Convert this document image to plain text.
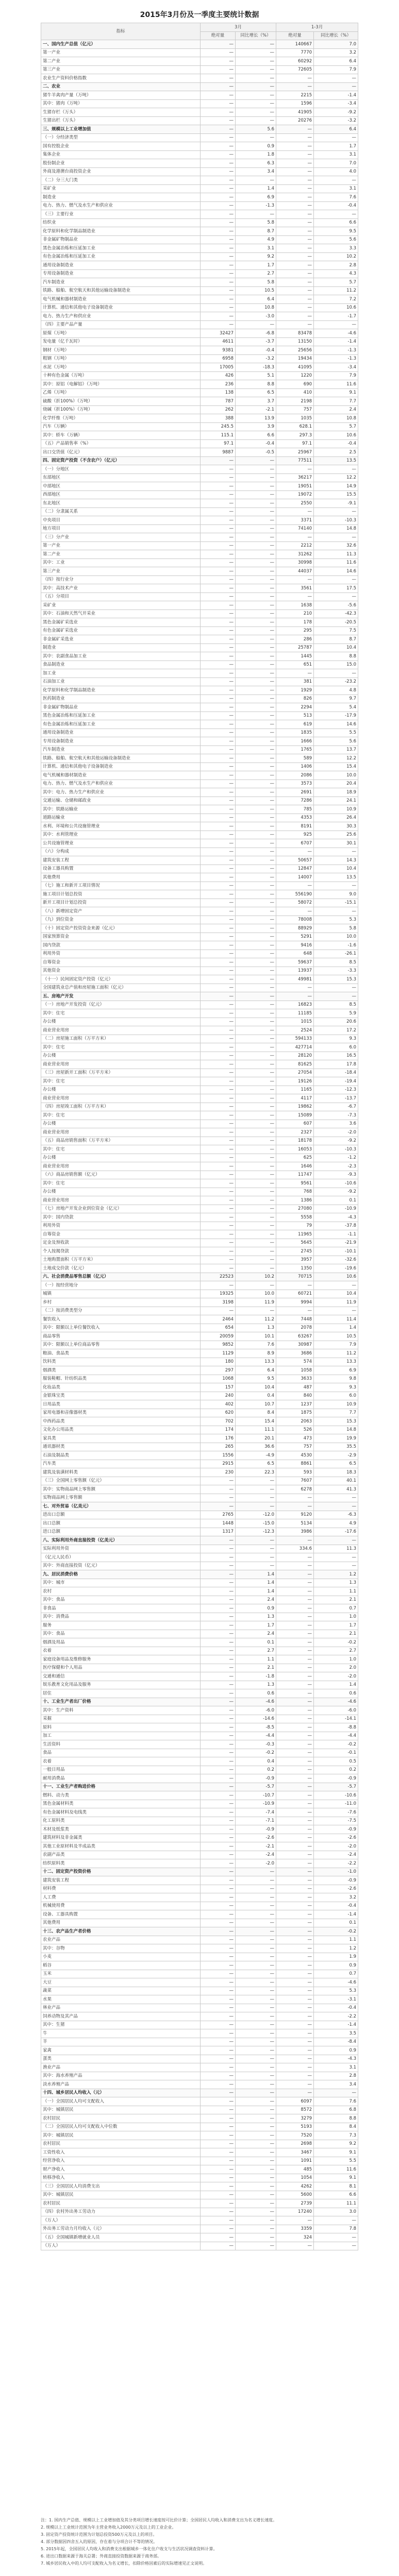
2015年3月份及一季度主要统计数据
指标	3月		1-3月	
	绝对量	同比增长（%）	绝对量	同比增长（%）
一、国内生产总值（亿元）	—	—	140667	7.0
第一产业	—	—	7770	3.2
第二产业	—	—	60292	6.4
第三产业	—	—	72605	7.9
农业生产资料价格指数	—	—	—	—
二、农业	—	—	—	—
猪牛羊禽肉产量（万吨）	—	—	2215	-1.4
其中：猪肉（万吨）	—	—	1596	-3.4
生猪存栏（万头）	—	—	41905	-9.2
生猪出栏（万头）	—	—	20276	-3.2
三、规模以上工业增加值	—	5.6	—	6.4
（一）分经济类型	—	—	—	—
国有控股企业	—	0.9	—	1.7
集体企业	—	1.8	—	3.1
股份制企业	—	6.3	—	7.0
外商及港澳台商投资企业	—	3.4	—	4.0
（二）分三大门类	—	—	—	—
采矿业	—	1.4	—	3.1
制造业	—	6.9	—	7.6
电力、热力、燃气及水生产和供应业	—	-1.3	—	-0.4
（三）主要行业	—	—	—	—
纺织业	—	5.8	—	6.6
化学原料和化学制品制造业	—	8.7	—	9.5
非金属矿物制品业	—	4.9	—	5.6
黑色金属冶炼和压延加工业	—	3.1	—	3.3
有色金属冶炼和压延加工业	—	9.2	—	10.2
通用设备制造业	—	1.7	—	2.8
专用设备制造业	—	2.7	—	4.3
汽车制造业	—	5.8	—	5.7
铁路、船舶、航空航天和其他运输设备制造业	—	10.5	—	11.2
电气机械和器材制造业	—	6.4	—	7.2
计算机、通信和其他电子设备制造业	—	10.8	—	10.6
电力、热力生产和供应业	—	-3.0	—	-1.7
（四）主要产品产量	—	—	—	—
原煤（万吨）	32427	-6.8	83478	-4.6
发电量（亿千瓦时）	4611	-3.7	13150	-1.4
钢材（万吨）	9381	-0.4	25656	-1.3
粗钢（万吨）	6958	-3.2	19434	-1.3
水泥（万吨）	17005	-18.3	41095	-3.4
十种有色金属（万吨）	426	5.1	1220	7.9
其中：原铝（电解铝）（万吨）	236	8.8	690	11.6
乙烯（万吨）	138	6.5	410	9.1
硫酸（折100%）（万吨）	787	3.7	2198	7.7
烧碱（折100%）（万吨）	262	-2.1	757	2.4
化学纤维（万吨）	388	13.9	1035	10.8
汽车（万辆）	245.5	3.9	628.1	5.7
其中：轿车（万辆）	115.1	6.6	297.3	10.6
（五）产品销售率（%）	97.1	-0.4	97.1	-0.4
出口交货值（亿元）	9887	-0.5	25967	2.5
四、固定资产投资（不含农户）（亿元）	—	—	77511	13.5
（一）分地区	—	—	—	—
东部地区	—	—	36217	12.2
中部地区	—	—	19051	14.9
西部地区	—	—	19072	15.5
东北地区	—	—	2550	-9.1
（二）分隶属关系	—	—	—	—
中央项目	—	—	3371	-10.3
地方项目	—	—	74140	14.8
（三）分产业	—	—	—	—
第一产业	—	—	2212	32.6
第二产业	—	—	31262	11.3
其中：工业	—	—	30998	11.6
第三产业	—	—	44037	14.6
（四）按行业分	—	—	—	—
其中：高技术产业	—	—	3561	17.5
（五）分项目	—	—	—	—
采矿业	—	—	1638	-5.6
其中：石油和天然气开采业	—	—	210	-42.3
黑色金属矿采选业	—	—	178	-20.5
有色金属矿采选业	—	—	295	7.5
非金属矿采选业	—	—	286	8.7
制造业	—	—	25787	10.4
其中：农副食品加工业	—	—	1445	8.8
食品制造业	—	—	651	15.0
加工业	—	—	—	—
石油加工业	—	—	381	-23.2
化学原料和化学制品制造业	—	—	1929	4.8
医药制造业	—	—	826	9.7
非金属矿物制品业	—	—	2294	5.4
黑色金属冶炼和压延加工业	—	—	513	-17.9
有色金属冶炼和压延加工业	—	—	619	14.6
通用设备制造业	—	—	1835	5.5
专用设备制造业	—	—	1666	5.6
汽车制造业	—	—	1765	13.7
铁路、船舶、航空航天和其他运输设备制造业	—	—	589	12.2
计算机、通信和其他电子设备制造业	—	—	1406	15.4
电气机械和器材制造业	—	—	2086	10.0
电力、热力、燃气及水生产和供应业	—	—	3573	20.4
其中：电力、热力生产和供应业	—	—	2691	18.9
交通运输、仓储和邮政业	—	—	7286	24.1
其中：铁路运输业	—	—	785	10.9
道路运输业	—	—	4353	26.4
水利、环境和公共设施管理业	—	—	8191	30.3
其中：水利管理业	—	—	925	25.6
公共设施管理业	—	—	6707	30.1
（六）分构成	—	—	—	—
建筑安装工程	—	—	50657	14.3
设备工器具购置	—	—	12847	10.4
其他费用	—	—	14007	13.5
（七）施工和新开工项目情况	—	—	—	—
施工项目计划总投资	—	—	556190	9.0
新开工项目计划总投资	—	—	58072	-15.1
（八）新增固定资产	—	—	—	—
（九）到位资金	—	—	78008	5.3
（十）固定资产投资资金来源（亿元）	—	—	88929	5.8
国家预算资金	—	—	5291	10.0
国内贷款	—	—	9416	-1.6
利用外资	—	—	648	-26.1
自筹资金	—	—	59637	8.5
其他资金	—	—	13937	-3.3
（十一）民间固定资产投资（亿元）	—	—	49981	15.3
全国建筑业总产值和房屋施工面积（亿元）	—	—	—	—
五、房地产开发	—	—	—	—
（一）房地产开发投资（亿元）	—	—	16823	8.5
其中：住宅	—	—	11185	5.9
办公楼	—	—	1015	20.6
商业营业用房	—	—	2524	17.2
（二）房屋施工面积（万平方米）	—	—	594133	9.3
其中：住宅	—	—	427714	6.0
办公楼	—	—	28120	16.5
商业营业用房	—	—	81625	17.8
（三）房屋新开工面积（万平方米）	—	—	27054	-18.4
其中：住宅	—	—	19126	-19.4
办公楼	—	—	1165	-12.3
商业营业用房	—	—	4117	-13.7
（四）房屋竣工面积（万平方米）	—	—	19862	-6.7
其中：住宅	—	—	15089	-7.3
办公楼	—	—	607	3.6
商业营业用房	—	—	2327	-2.0
（五）商品房销售面积（万平方米）	—	—	18178	-9.2
其中：住宅	—	—	16053	-10.3
办公楼	—	—	625	-1.2
商业营业用房	—	—	1646	-2.3
（六）商品房销售额（亿元）	—	—	11747	-9.3
其中：住宅	—	—	9561	-10.6
办公楼	—	—	768	-9.2
商业营业用房	—	—	1386	0.1
（七）房地产开发企业到位资金（亿元）	—	—	27080	-10.9
其中：国内贷款	—	—	5558	-4.3
利用外资	—	—	79	-37.8
自筹资金	—	—	11965	-1.1
定金及预收款	—	—	5645	-21.9
个人按揭贷款	—	—	2745	-10.1
土地购置面积（万平方米）	—	—	3957	-32.6
土地成交价款（亿元）	—	—	1350	-19.6
六、社会消费品零售总额（亿元）	22523	10.2	70715	10.6
（一）按经营地分	—	—	—	—
城镇	19325	10.0	60721	10.4
乡村	3198	11.9	9994	11.9
（二）按消费类型分	—	—	—	—
餐饮收入	2464	11.2	7448	11.4
其中：限额以上单位餐饮收入	654	1.3	2078	1.4
商品零售	20059	10.1	63267	10.5
其中：限额以上单位商品零售	9852	7.6	30987	7.9
粮油、食品类	1129	8.9	3686	11.2
饮料类	180	13.3	574	13.3
烟酒类	297	6.4	1058	6.9
服装鞋帽、针纺织品类	1068	9.5	3633	9.8
化妆品类	157	10.4	487	9.3
金银珠宝类	240	0.4	840	6.0
日用品类	402	10.7	1237	10.9
家用电器和音像器材类	620	8.4	1875	7.7
中西药品类	702	15.4	2063	15.3
文化办公用品类	174	11.1	526	14.8
家具类	176	20.1	473	19.9
通讯器材类	265	36.6	757	35.5
石油及制品类	1556	-4.9	4530	-2.9
汽车类	2915	6.5	8861	6.5
建筑及装潢材料类	230	22.3	593	18.3
（三）全国网上零售额（亿元）	—	—	7607	40.1
其中：实物商品网上零售额	—	—	6278	41.3
实物商品网上零售额	—	—	—	—
七、对外贸易（亿美元）	—	—	—	—
进出口总额	2765	-12.0	9120	-6.3
出口总额	1448	-15.0	5134	4.9
进口总额	1317	-12.3	3986	-17.6
八、实际利用外商直接投资（亿美元）	—	—	—	—
实际利用外资	—	—	334.6	11.3
（亿元人民币）	—	—	—	—
其中：外商直接投资（亿元）	—	—	—	—
九、居民消费价格	—	1.4	—	1.2
其中：城市	—	1.4	—	1.3
农村	—	1.4	—	1.1
其中：食品	—	2.4	—	2.1
非食品	—	0.9	—	0.7
其中：消费品	—	1.3	—	1.0
服务	—	1.7	—	1.7
其中：食品	—	2.4	—	2.1
烟酒及用品	—	0.1	—	-0.2
衣着	—	2.7	—	2.7
家庭设备用品及维修服务	—	1.1	—	1.0
医疗保健和个人用品	—	2.1	—	2.0
交通和通信	—	-1.8	—	-2.0
娱乐教育文化用品及服务	—	1.3	—	1.4
居住	—	0.6	—	0.6
十、工业生产者出厂价格	—	-4.6	—	-4.6
其中：生产资料	—	-6.0	—	-6.0
采掘	—	-14.6	—	-14.1
原料	—	-8.5	—	-8.8
加工	—	-4.4	—	-4.4
生活资料	—	-0.3	—	-0.2
食品	—	-0.2	—	-0.1
衣着	—	0.4	—	0.5
一般日用品	—	0.2	—	0.2
耐用消费品	—	-0.9	—	-0.9
十一、工业生产者购进价格	—	-5.7	—	-5.7
燃料、动力类	—	-10.7	—	-10.6
黑色金属材料类	—	-10.9	—	-11.0
有色金属材料及电线类	—	-7.4	—	-7.6
化工原料类	—	-7.1	—	-7.5
木材及纸浆类	—	-0.9	—	-0.9
建筑材料及非金属类	—	-2.6	—	-2.6
其他工业原材料及半成品类	—	-2.1	—	-2.0
农副产品类	—	-2.4	—	-2.4
纺织原料类	—	-2.0	—	-2.2
十二、固定资产投资价格	—	—	—	-1.0
建筑安装工程	—	—	—	-0.9
材料费	—	—	—	-2.6
人工费	—	—	—	3.2
机械使用费	—	—	—	-0.4
设备、工器具购置	—	—	—	-1.4
其他费用	—	—	—	0.1
十三、农产品生产者价格	—	—	—	-0.2
农业产品	—	—	—	1.1
其中：谷物	—	—	—	1.2
小麦	—	—	—	1.9
稻谷	—	—	—	0.9
玉米	—	—	—	0.7
大豆	—	—	—	-4.6
蔬菜	—	—	—	5.3
水果	—	—	—	-3.1
林业产品	—	—	—	-0.4
饲养动物及其产品	—	—	—	-2.2
其中：生猪	—	—	—	-1.4
牛	—	—	—	3.5
羊	—	—	—	-8.4
家禽	—	—	—	0.9
蛋类	—	—	—	-4.3
渔业产品	—	—	—	3.1
其中：海水养殖产品	—	—	—	2.8
淡水养殖产品	—	—	—	3.4
十四、城乡居民人均收入（元）	—	—	—	—
（一）全国居民人均可支配收入	—	—	6097	7.6
其中：城镇居民	—	—	8572	6.8
农村居民	—	—	3279	8.8
（二）全国居民人均可支配收入中位数	—	—	5193	8.4
其中：城镇居民	—	—	7520	7.3
农村居民	—	—	2698	9.2
工资性收入	—	—	3467	9.1
经营净收入	—	—	1091	5.5
财产净收入	—	—	485	11.6
转移净收入	—	—	1054	9.1
（三）全国居民人均消费支出	—	—	4262	8.1
其中：城镇居民	—	—	5600	6.6
农村居民	—	—	2739	11.1
（四）农村外出务工劳动力	—	—	17240	3.0
（万人）	—	—	—	—
外出务工劳动力月均收入（元）	—	—	3359	7.8
（五）全国城镇新增就业人员	—	—	324	—
（万人）	—	—	—	—

注：1. 国内生产总值、规模以上工业增加值及其分类项目增长速度按可比价计算；全国居民人均收入和消费支出为名义增长速度。

2. 规模以上工业统计范围为年主营业务收入2000万元及以上的工业企业。

3. 固定资产投资统计范围为计划总投资500万元及以上的项目。

4. 部分数据因四舍五入的原因，存在着与分项合计不等的情况。

5. 2015年起，全国居民人均收入和消费支出根据城乡一体化住户收支与生活状况调查资料计算。

6. 进出口数据来源于海关总署；外商直接投资数据来源于商务部。

7. 城乡居民收入中的人均可支配收入为名义增长，扣除价格因素后的实际增速见正文说明。
